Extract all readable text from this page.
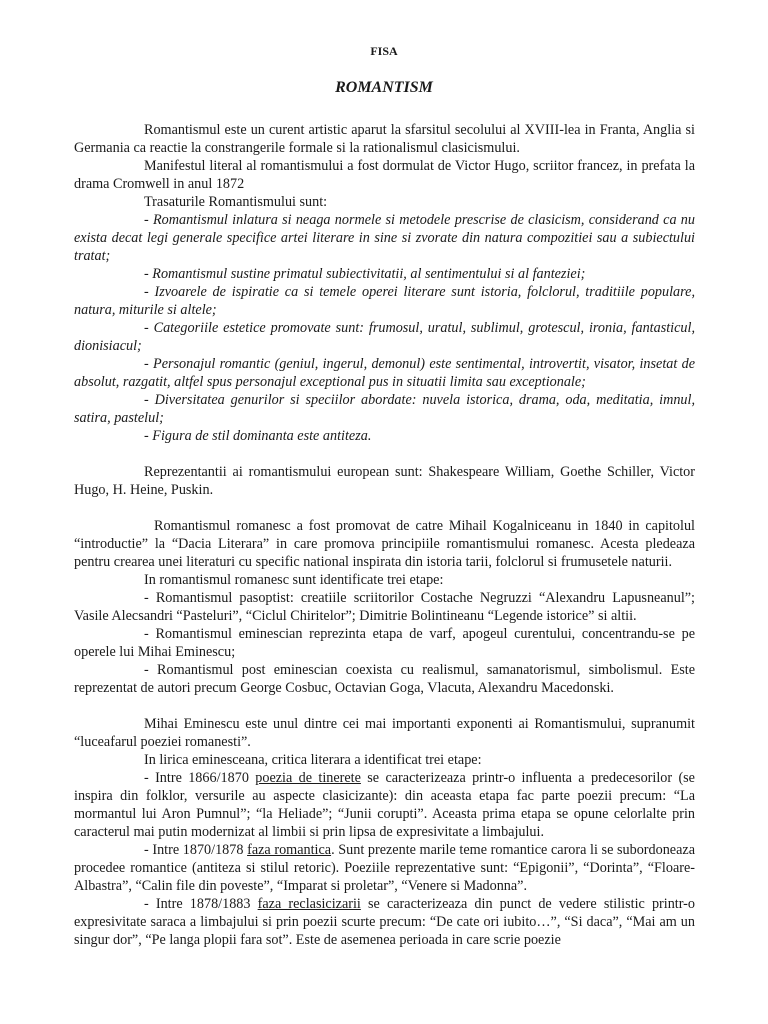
FISA
ROMANTISM

Romantismul este un curent artistic aparut la sfarsitul secolului al XVIII-lea in Franta, Anglia si Germania ca reactie la constrangerile formale si la rationalismul clasicismului.

Manifestul literal al romantismului a fost dormulat de Victor Hugo, scriitor francez, in prefata la drama Cromwell in anul 1872

Trasaturile Romantismului sunt:

- Romantismul inlatura si neaga normele si metodele prescrise de clasicism, considerand ca nu exista decat legi generale specifice artei literare in sine si zvorate din natura compozitiei sau a subiectului tratat;

- Romantismul sustine primatul subiectivitatii, al sentimentului si al fanteziei;

- Izvoarele de ispiratie ca si temele operei literare sunt istoria, folclorul, traditiile populare, natura, miturile si altele;

- Categoriile estetice promovate sunt: frumosul, uratul, sublimul, grotescul, ironia, fantasticul, dionisiacul;

- Personajul romantic (geniul, ingerul, demonul) este sentimental, introvertit, visator, insetat de absolut, razgatit, altfel spus personajul exceptional pus in situatii limita sau exceptionale;

- Diversitatea genurilor si speciilor abordate: nuvela istorica, drama, oda, meditatia, imnul, satira, pastelul;

- Figura de stil dominanta este antiteza.

Reprezentantii ai romantismului european sunt: Shakespeare William, Goethe Schiller, Victor Hugo, H. Heine, Puskin.

Romantismul romanesc a fost promovat de catre Mihail Kogalniceanu in 1840 in capitolul “introductie” la “Dacia Literara” in care promova principiile romantismului romanesc. Acesta pledeaza pentru crearea unei literaturi cu specific national inspirata din istoria tarii, folclorul si frumusetele naturii.

In romantismul romanesc sunt identificate trei etape:

- Romantismul pasoptist: creatiile scriitorilor Costache Negruzzi “Alexandru Lapusneanul”; Vasile Alecsandri “Pasteluri”, “Ciclul Chiritelor”; Dimitrie Bolintineanu “Legende istorice” si altii.

- Romantismul eminescian reprezinta etapa de varf, apogeul curentului, concentrandu-se pe operele lui Mihai Eminescu;

- Romantismul post eminescian coexista cu realismul, samanatorismul, simbolismul. Este reprezentat de autori precum George Cosbuc, Octavian Goga, Vlacuta, Alexandru Macedonski.

Mihai Eminescu este unul dintre cei mai importanti exponenti ai Romantismului, supranumit “luceafarul poeziei romanesti”.

In lirica eminesceana, critica literara a identificat trei etape:

- Intre 1866/1870 poezia de tinerete se caracterizeaza printr-o influenta a predecesorilor (se inspira din folklor, versurile au aspecte clasicizante): din aceasta etapa fac parte poezii precum: “La mormantul lui Aron Pumnul”; “la Heliade”; “Junii corupti”. Aceasta prima etapa se opune celorlalte prin caracterul mai putin modernizat al limbii si prin lipsa de expresivitate a limbajului.

- Intre 1870/1878 faza romantica. Sunt prezente marile teme romantice carora li se subordoneaza procedee romantice (antiteza si stilul retoric). Poeziile reprezentative sunt: “Epigonii”, “Dorinta”, “Floare-Albastra”, “Calin file din poveste”, “Imparat si proletar”, “Venere si Madonna”.

- Intre 1878/1883 faza reclasicizarii se caracterizeaza din punct de vedere stilistic printr-o expresivitate saraca a limbajului si prin poezii scurte precum: “De cate ori iubito…”, “Si daca”, “Mai am un singur dor”, “Pe langa plopii fara sot”. Este de asemenea perioada in care scrie poezie
